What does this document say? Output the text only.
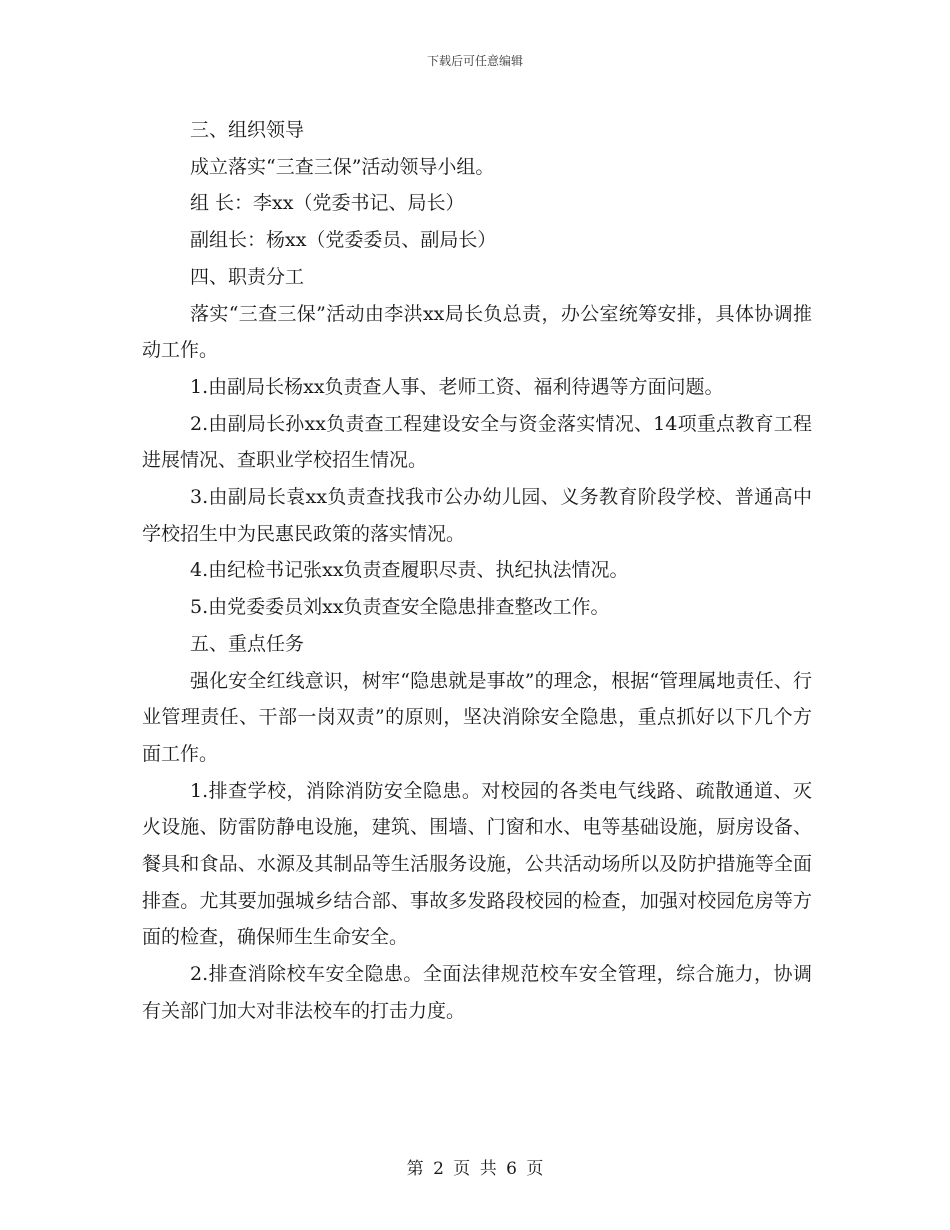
下载后可任意编辑

三、组织领导

成立落实“三查三保”活动领导小组。

组 长：李xx（党委书记、局长）

副组长：杨xx（党委委员、副局长）

四、职责分工

落实“三查三保”活动由李洪xx局长负总责，办公室统筹安排，具体协调推动工作。

1.由副局长杨xx负责查人事、老师工资、福利待遇等方面问题。

2.由副局长孙xx负责查工程建设安全与资金落实情况、14项重点教育工程进展情况、查职业学校招生情况。

3.由副局长袁xx负责查找我市公办幼儿园、义务教育阶段学校、普通高中学校招生中为民惠民政策的落实情况。

4.由纪检书记张xx负责查履职尽责、执纪执法情况。

5.由党委委员刘xx负责查安全隐患排查整改工作。

五、重点任务

强化安全红线意识，树牢“隐患就是事故”的理念，根据“管理属地责任、行业管理责任、干部一岗双责”的原则，坚决消除安全隐患，重点抓好以下几个方面工作。

1.排查学校，消除消防安全隐患。对校园的各类电气线路、疏散通道、灭火设施、防雷防静电设施，建筑、围墙、门窗和水、电等基础设施，厨房设备、餐具和食品、水源及其制品等生活服务设施，公共活动场所以及防护措施等全面排查。尤其要加强城乡结合部、事故多发路段校园的检查，加强对校园危房等方面的检查，确保师生生命安全。

2.排查消除校车安全隐患。全面法律规范校车安全管理，综合施力，协调有关部门加大对非法校车的打击力度。

第 2 页 共 6 页
